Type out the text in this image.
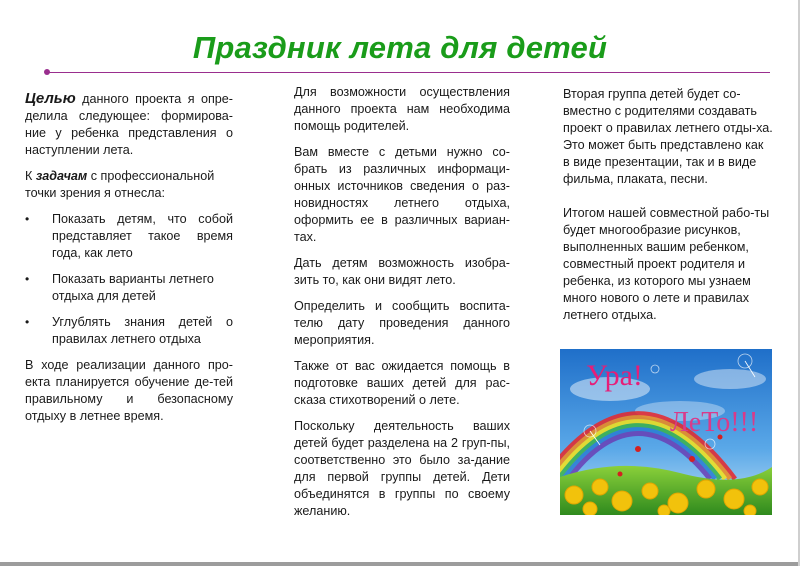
Праздник лета для детей

Целью данного проекта я опре-делила следующее: формирова-ние у ребенка представления о наступлении лета.

К задачам с профессиональной точки зрения я отнесла:

• Показать детям, что собой представляет такое время года, как лето
• Показать варианты летнего отдыха для детей
• Углублять знания детей о правилах летнего отдыха

В ходе реализации данного про-екта планируется обучение де-тей правильному и безопасному отдыху в летнее время.

Для возможности осуществления данного проекта нам необходима помощь родителей.

Вам вместе с детьми нужно со-брать из различных информаци-онных источников сведения о раз-новидностях летнего отдыха, оформить ее в различных вариан-тах.

Дать детям возможность изобра-зить то, как они видят лето.

Определить и сообщить воспита-телю дату проведения данного мероприятия.

Также от вас ожидается помощь в подготовке ваших детей для рас-сказа стихотворений о лете.

Поскольку деятельность ваших детей будет разделена на 2 груп-пы, соответственно это было за-дание для первой группы детей. Дети объединятся в группы по своему желанию.

Вторая группа детей будет со-вместно с родителями создавать проект о правилах летнего отды-ха.
Это может быть представлено как в виде презентации, так и в виде фильма, плаката, песни.
Итогом нашей совместной рабо-ты будет многообразие рисунков, выполненных вашим ребенком, совместный проект родителя и ребенка, из которого мы узнаем много нового о лете и правилах летнего отдыха.
Ура!
ЛеТо!!!
